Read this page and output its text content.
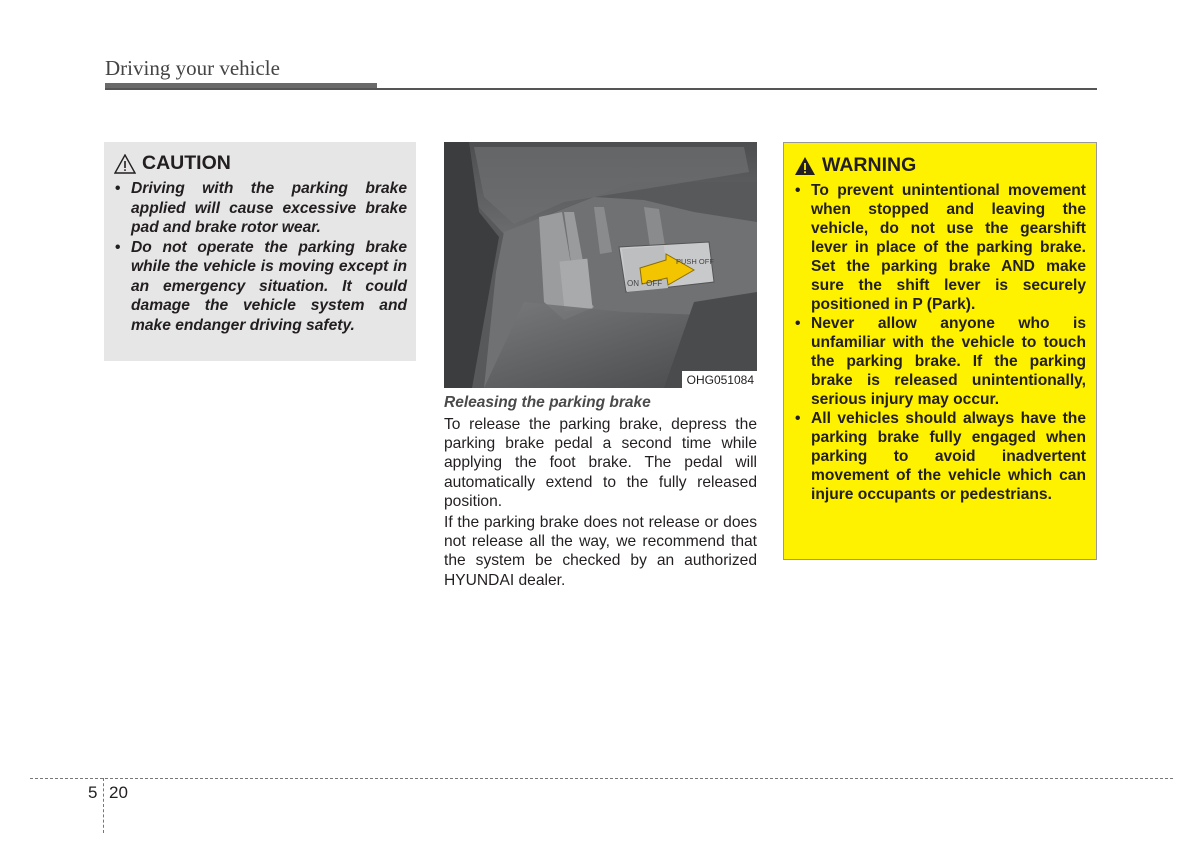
Driving your vehicle
CAUTION
• Driving with the parking brake applied will cause excessive brake pad and brake rotor wear.
• Do not operate the parking brake while the vehicle is moving except in an emergency situation. It could damage the vehicle system and make endanger driving safety.
ON · OFF
PUSH OFF
OHG051084
Releasing the parking brake

To release the parking brake, depress the parking brake pedal a second time while applying the foot brake. The pedal will automatically extend to the fully released position.

If the parking brake does not release or does not release all the way, we recommend that the system be checked by an authorized HYUNDAI dealer.

WARNING
• To prevent unintentional movement when stopped and leaving the vehicle, do not use the gearshift lever in place of the parking brake. Set the parking brake AND make sure the shift lever is securely positioned in P (Park).
• Never allow anyone who is unfamiliar with the vehicle to touch the parking brake. If the parking brake is released unintentionally, serious injury may occur.
• All vehicles should always have the parking brake fully engaged when parking to avoid inadvertent movement of the vehicle which can injure occupants or pedestrians.
5 20
